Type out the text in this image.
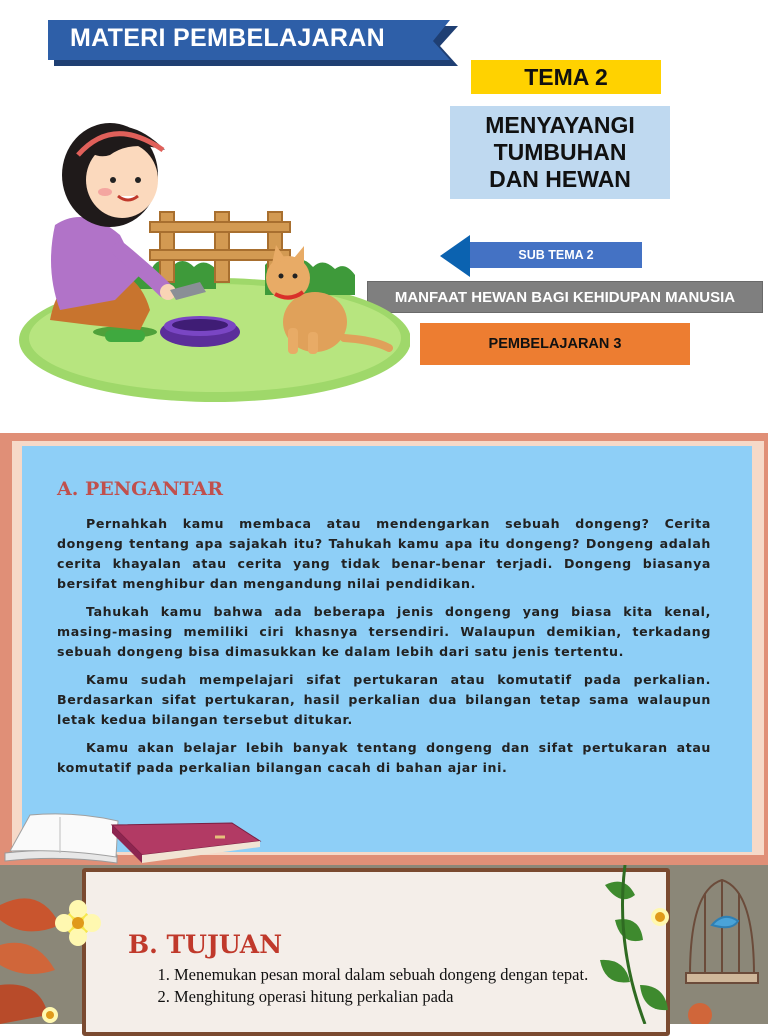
MATERI PEMBELAJARAN
TEMA 2
MENYAYANGI
TUMBUHAN
DAN HEWAN
SUB TEMA 2
MANFAAT HEWAN BAGI KEHIDUPAN MANUSIA
PEMBELAJARAN 3
A. PENGANTAR

Pernahkah kamu membaca atau mendengarkan sebuah dongeng? Cerita dongeng tentang apa sajakah itu? Tahukah kamu apa itu dongeng? Dongeng adalah cerita khayalan atau cerita yang tidak benar-benar terjadi. Dongeng biasanya bersifat menghibur dan mengandung nilai pendidikan.

Tahukah kamu bahwa ada beberapa jenis dongeng yang biasa kita kenal, masing-masing memiliki ciri khasnya tersendiri. Walaupun demikian, terkadang sebuah dongeng bisa dimasukkan ke dalam lebih dari satu jenis tertentu.

Kamu sudah mempelajari sifat pertukaran atau komutatif pada perkalian. Berdasarkan sifat pertukaran, hasil perkalian dua bilangan tetap sama walaupun letak kedua bilangan tersebut ditukar.

Kamu akan belajar lebih banyak tentang dongeng dan sifat pertukaran atau komutatif pada perkalian bilangan cacah di bahan ajar ini.

B. TUJUAN
1. Menemukan pesan moral dalam sebuah dongeng dengan tepat.
2. Menghitung operasi hitung perkalian pada
